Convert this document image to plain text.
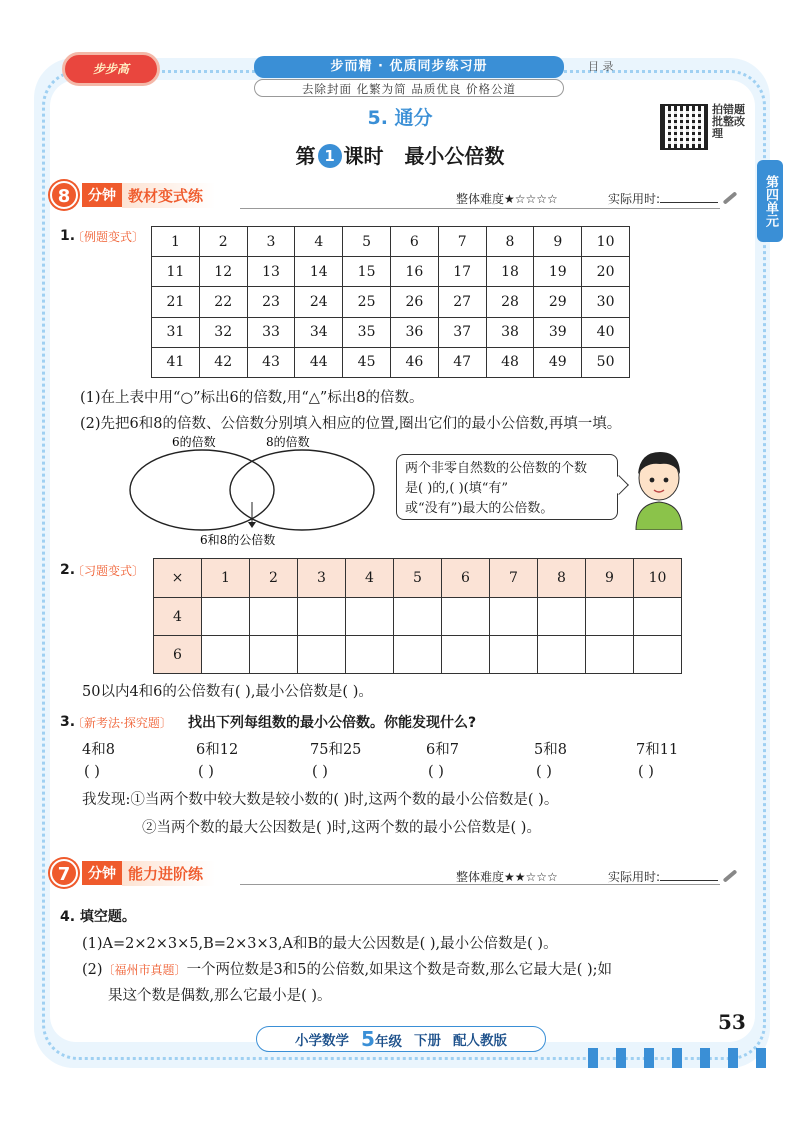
步步高	步而精 · 优质同步练习册
去除封面 化繁为简 品质优良 价格公道
目 录
5. 通分
第 1 课时 最小公倍数
拍错题批整改理
第四单元
8	分钟 教材变式练	整体难度★☆☆☆☆	实际用时:
1.
〔例题变式〕 1	2	3	4	5	6	7	8	9	10
11	12	13	14	15	16	17	18	19	20
21	22	23	24	25	26	27	28	29	30
31	32	33	34	35	36	37	38	39	40
41	42	43	44	45	46	47	48	49	50
(1)在上表中用“○”标出6的倍数,用“△”标出8的倍数。
(2)先把6和8的倍数、公倍数分别填入相应的位置,圈出它们的最小公倍数,再填一填。
6的倍数	8的倍数
6和8的公倍数
两个非零自然数的公倍数的个数
是( )的,( )(填“有”
或“没有”)最大的公倍数。
2.
〔习题变式〕 ×	1	2	3	4	5	6	7	8	9	10
4										
6										
50以内4和6的公倍数有( ),最小公倍数是( )。
3.
〔新考法·探究题〕 找出下列每组数的最小公倍数。你能发现什么?
4和8
( )
6和12
( )
75和25
( )
6和7
( )
5和8
( )
7和11
( )
我发现:①当两个数中较大数是较小数的( )时,这两个数的最小公倍数是( )。
②当两个数的最大公因数是( )时,这两个数的最小公倍数是( )。
7	分钟 能力进阶练	整体难度★★☆☆☆	实际用时:
4. 填空题。
(1)A=2×2×3×5,B=2×3×3,A和B的最大公因数是( ),最小公倍数是( )。
(2)〔福州市真题〕一个两位数是3和5的公倍数,如果这个数是奇数,那么它最大是( );如
果这个数是偶数,那么它最小是( )。
53
小学数学 5年级 下册 配人教版
